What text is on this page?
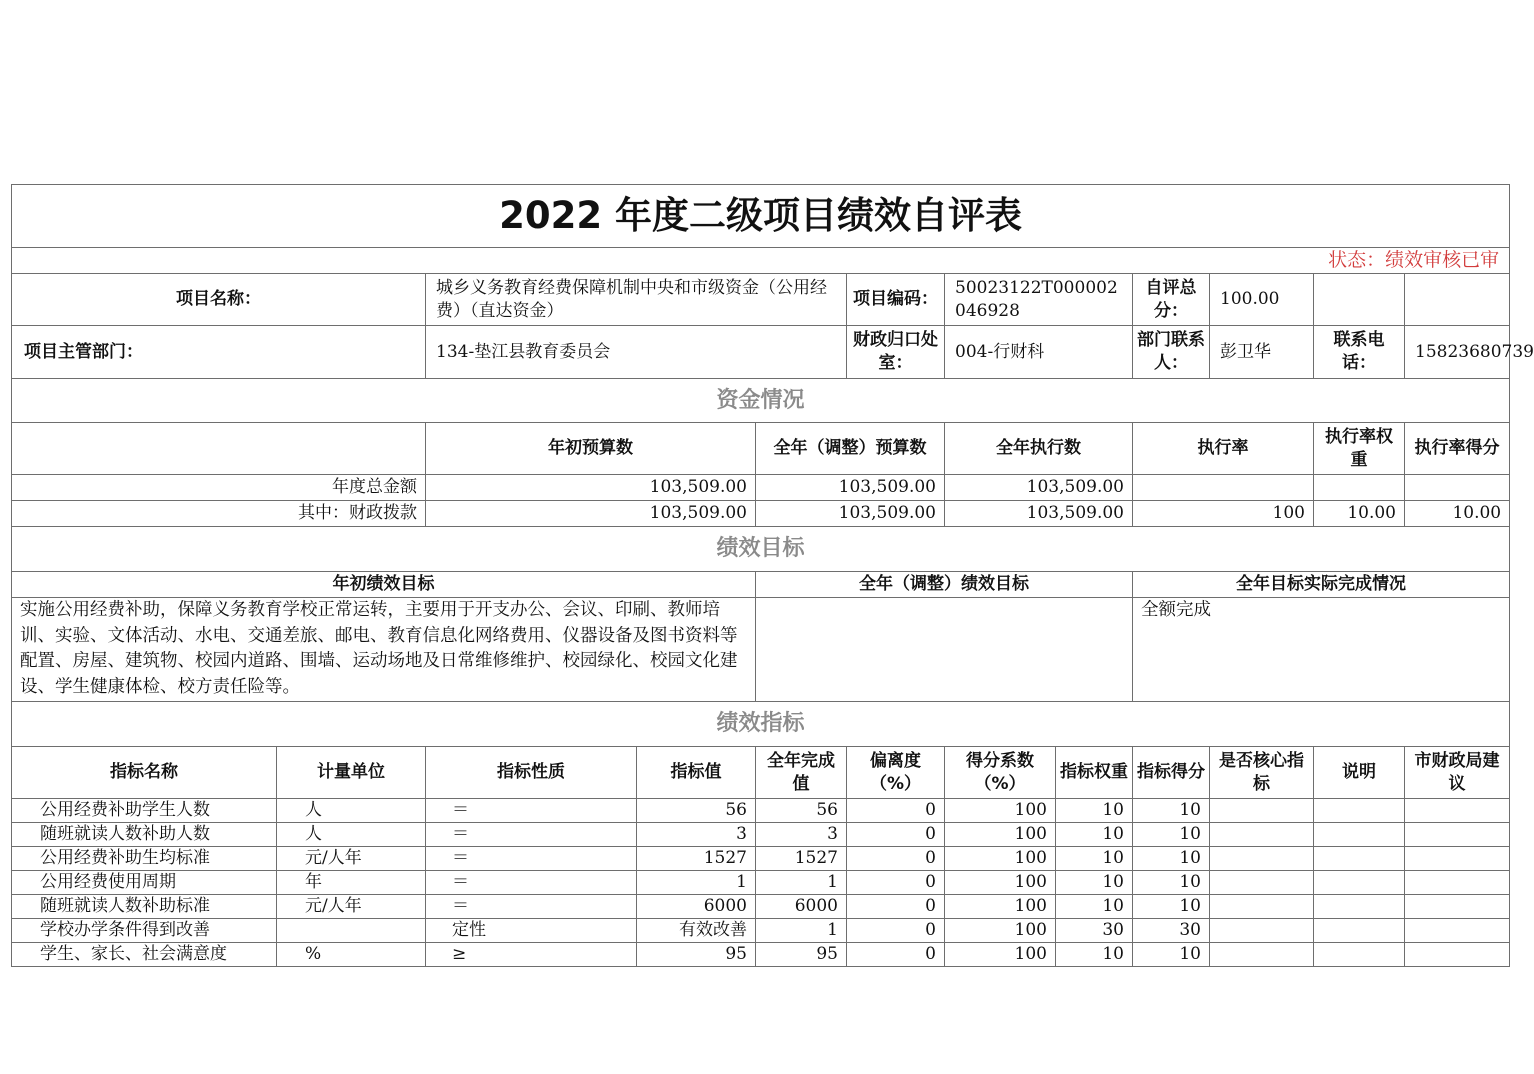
2022 年度二级项目绩效自评表											
状态：绩效审核已审											
项目名称：		城乡义务教育经费保障机制中央和市级资金（公用经费）（直达资金）			项目编码：	50023122T000002046928		自评总分：	100.00		
项目主管部门：		134-垫江县教育委员会			财政归口处室：	004-行财科		部门联系人：	彭卫华	联系电话：	15823680739
资金情况											
		年初预算数		全年（调整）预算数		全年执行数		执行率		执行率权重	执行率得分
年度总金额		103,509.00		103,509.00		103,509.00					
其中：财政拨款		103,509.00		103,509.00		103,509.00		100		10.00	10.00
绩效目标											
年初绩效目标				全年（调整）绩效目标				全年目标实际完成情况			
实施公用经费补助，保障义务教育学校正常运转，主要用于开支办公、会议、印刷、教师培训、实验、文体活动、水电、交通差旅、邮电、教育信息化网络费用、仪器设备及图书资料等配置、房屋、建筑物、校园内道路、围墙、运动场地及日常维修维护、校园绿化、校园文化建设、学生健康体检、校方责任险等。								全额完成			
绩效指标											
指标名称	计量单位	指标性质	指标值	全年完成值	偏离度（%）	得分系数（%）	指标权重	指标得分	是否核心指标	说明	市财政局建议
公用经费补助学生人数	人	＝	56	56	0	100	10	10			
随班就读人数补助人数	人	＝	3	3	0	100	10	10			
公用经费补助生均标准	元/人年	＝	1527	1527	0	100	10	10			
公用经费使用周期	年	＝	1	1	0	100	10	10			
随班就读人数补助标准	元/人年	＝	6000	6000	0	100	10	10			
学校办学条件得到改善		定性	有效改善	1	0	100	30	30			
学生、家长、社会满意度	%	≥	95	95	0	100	10	10			
